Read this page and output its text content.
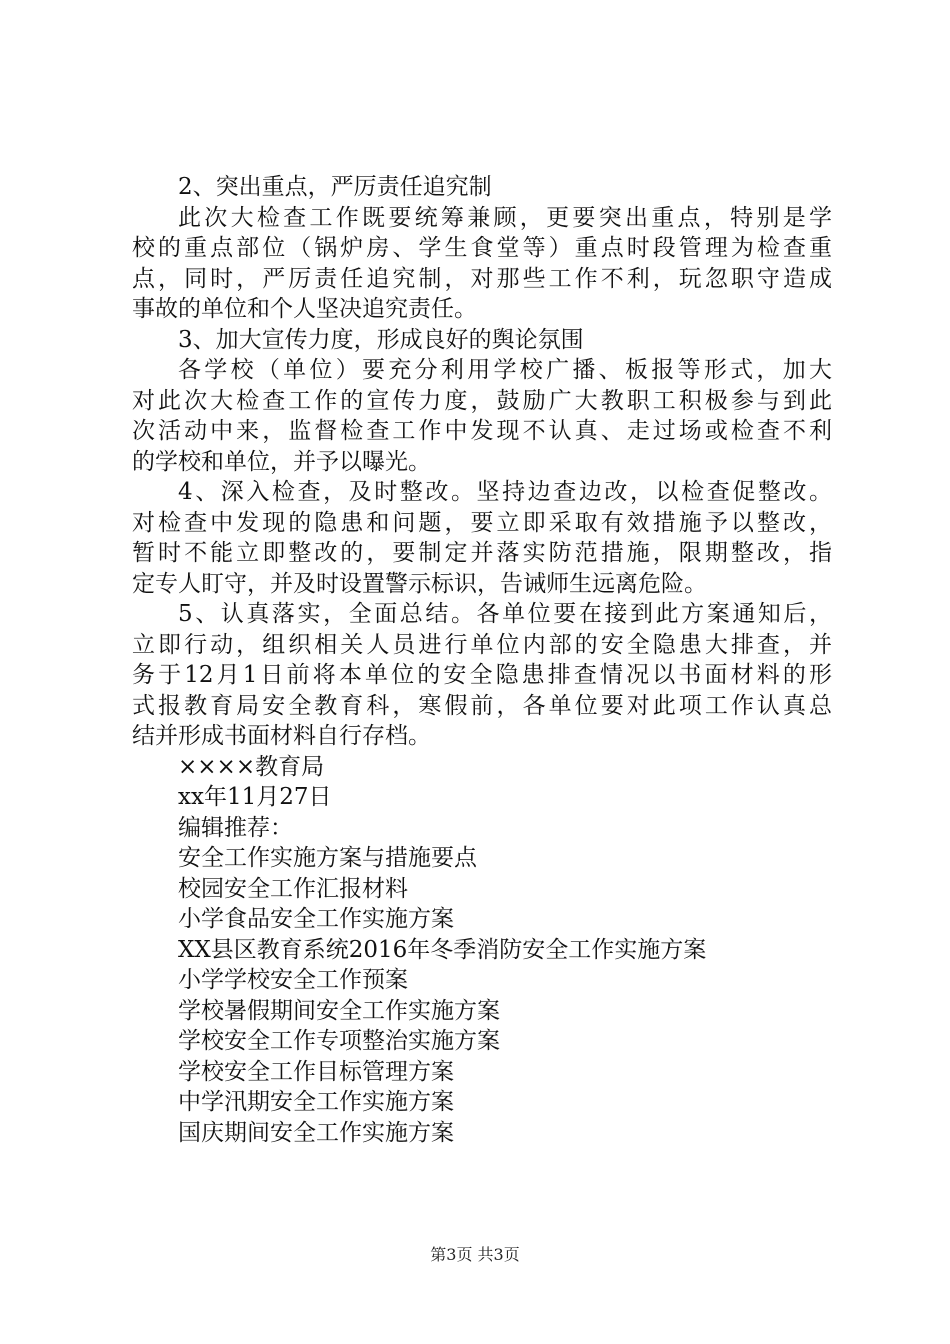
2、突出重点，严厉责任追究制
此次大检查工作既要统筹兼顾，更要突出重点，特别是学
校的重点部位（锅炉房、学生食堂等）重点时段管理为检查重
点，同时，严厉责任追究制，对那些工作不利，玩忽职守造成
事故的单位和个人坚决追究责任。
3、加大宣传力度，形成良好的舆论氛围
各学校（单位）要充分利用学校广播、板报等形式，加大
对此次大检查工作的宣传力度，鼓励广大教职工积极参与到此
次活动中来，监督检查工作中发现不认真、走过场或检查不利
的学校和单位，并予以曝光。
4、深入检查，及时整改。坚持边查边改，以检查促整改。
对检查中发现的隐患和问题，要立即采取有效措施予以整改，
暂时不能立即整改的，要制定并落实防范措施，限期整改，指
定专人盯守，并及时设置警示标识，告诫师生远离危险。
5、认真落实，全面总结。各单位要在接到此方案通知后，
立即行动，组织相关人员进行单位内部的安全隐患大排查，并
务于12月1日前将本单位的安全隐患排查情况以书面材料的形
式报教育局安全教育科，寒假前，各单位要对此项工作认真总
结并形成书面材料自行存档。
××××教育局
xx年11月27日
编辑推荐：
安全工作实施方案与措施要点
校园安全工作汇报材料
小学食品安全工作实施方案
XX县区教育系统2016年冬季消防安全工作实施方案
小学学校安全工作预案
学校暑假期间安全工作实施方案
学校安全工作专项整治实施方案
学校安全工作目标管理方案
中学汛期安全工作实施方案
国庆期间安全工作实施方案
第3页 共3页
